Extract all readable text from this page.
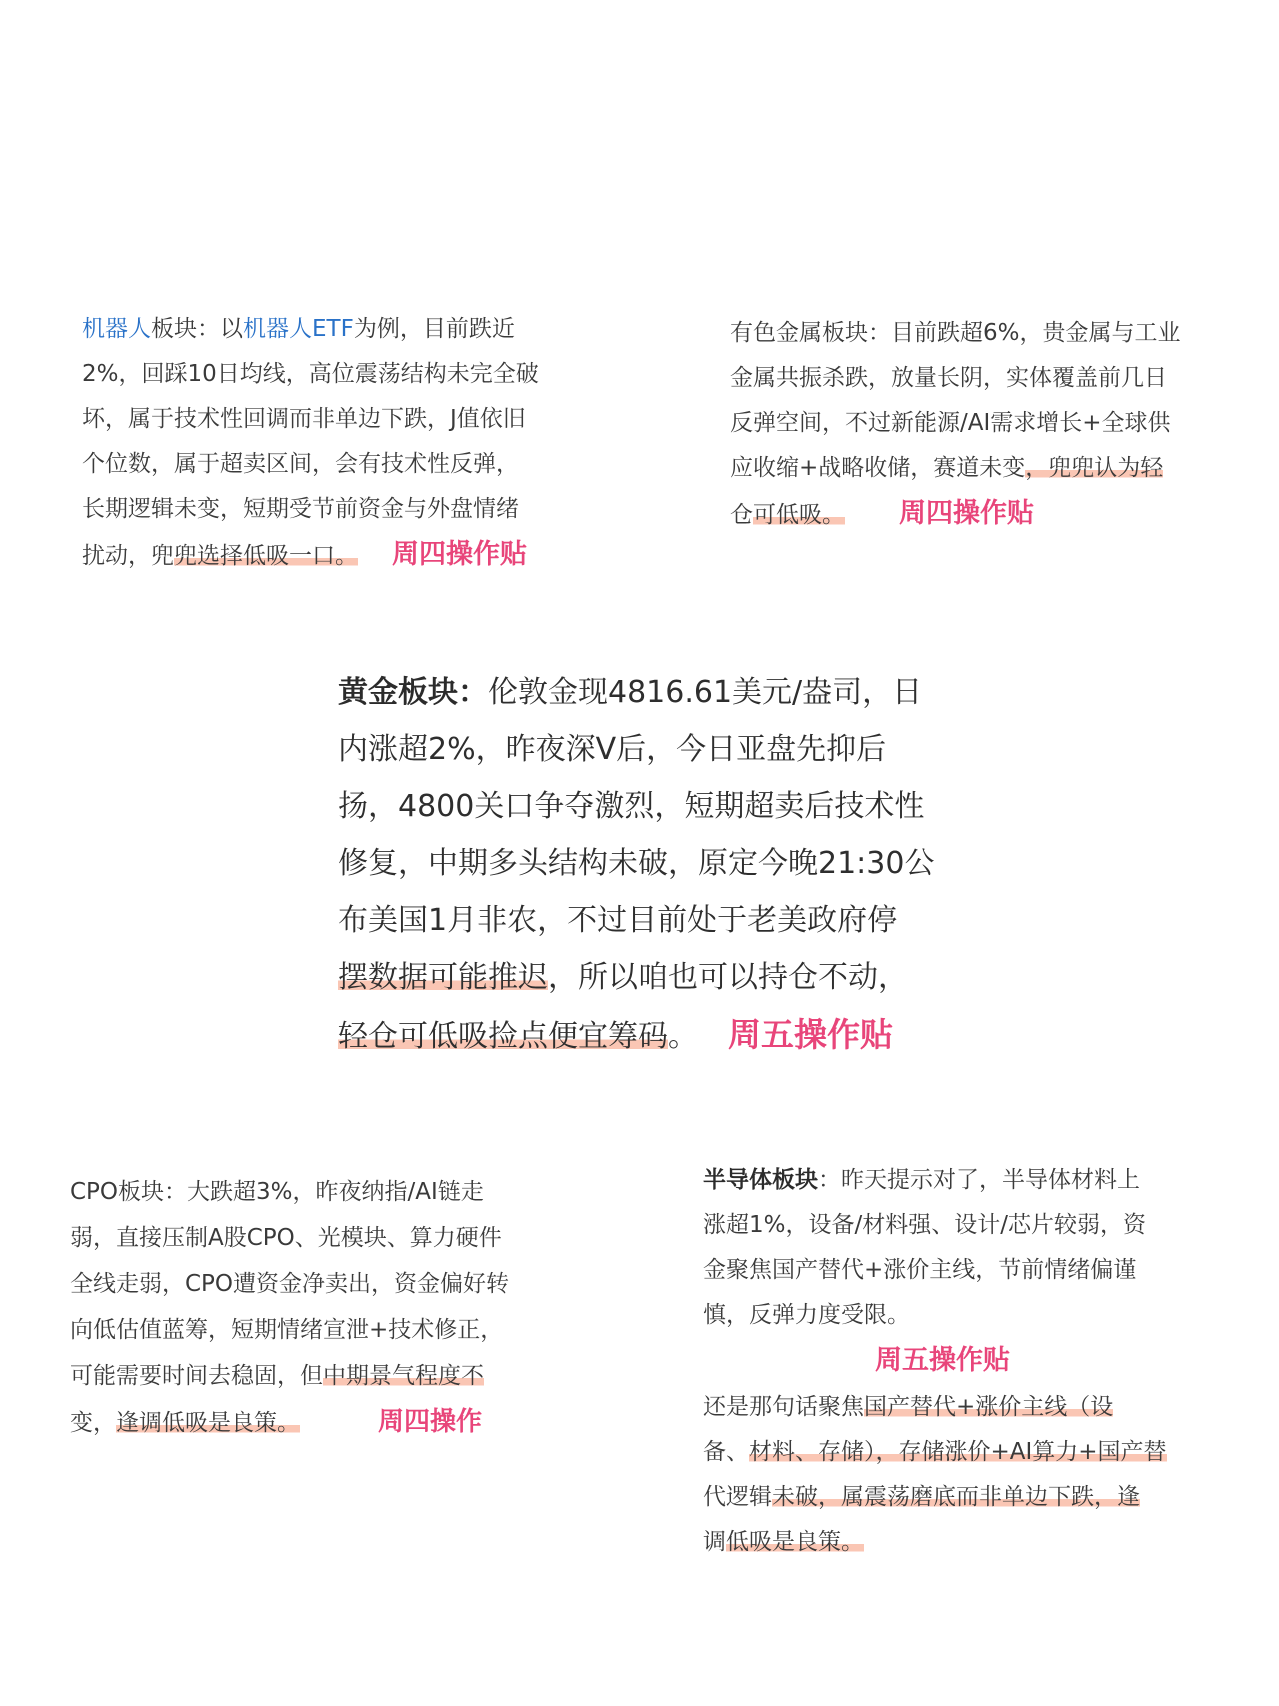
机器人板块：以机器人ETF为例，目前跌近
2%，回踩10日均线，高位震荡结构未完全破
坏，属于技术性回调而非单边下跌，J值依旧
个位数，属于超卖区间，会有技术性反弹，
长期逻辑未变，短期受节前资金与外盘情绪
扰动，兜兜选择低吸一口。 周四操作贴
有色金属板块：目前跌超6%，贵金属与工业
金属共振杀跌，放量长阴，实体覆盖前几日
反弹空间，不过新能源/AI需求增长+全球供
应收缩+战略收储，赛道未变，兜兜认为轻
仓可低吸。 周四操作贴
黄金板块：伦敦金现4816.61美元/盎司，日
内涨超2%，昨夜深V后，今日亚盘先抑后
扬，4800关口争夺激烈，短期超卖后技术性
修复，中期多头结构未破，原定今晚21:30公
布美国1月非农，不过目前处于老美政府停
摆数据可能推迟，所以咱也可以持仓不动，
轻仓可低吸捡点便宜筹码。 周五操作贴
CPO板块：大跌超3%，昨夜纳指/AI链走
弱，直接压制A股CPO、光模块、算力硬件
全线走弱，CPO遭资金净卖出，资金偏好转
向低估值蓝筹，短期情绪宣泄+技术修正，
可能需要时间去稳固，但中期景气程度不
变，逢调低吸是良策。	周四操作
半导体板块：昨天提示对了，半导体材料上
涨超1%，设备/材料强、设计/芯片较弱，资
金聚焦国产替代+涨价主线，节前情绪偏谨
慎，反弹力度受限。
周五操作贴
还是那句话聚焦国产替代+涨价主线（设
备、材料、存储），存储涨价+AI算力+国产替
代逻辑未破，属震荡磨底而非单边下跌，逢
调低吸是良策。
